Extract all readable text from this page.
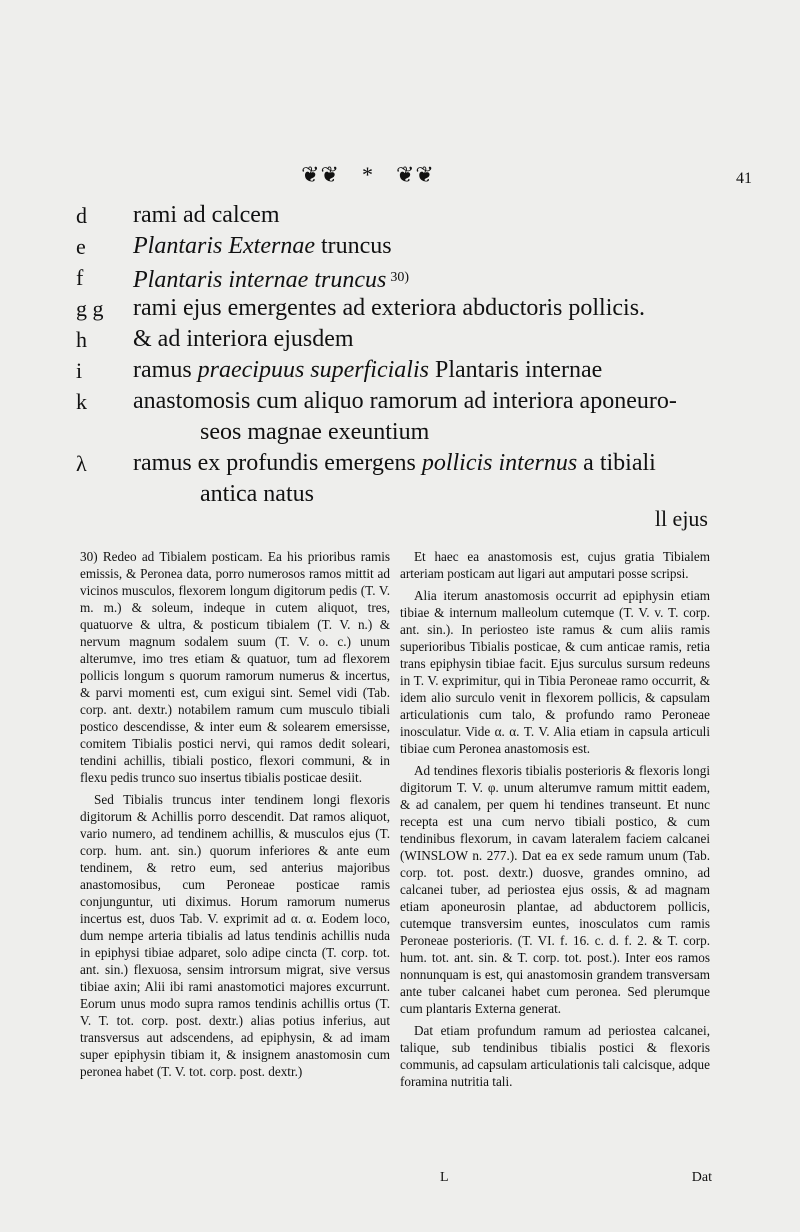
❦❦ * ❦❦	41
d	rami ad calcem
e	Plantaris Externae truncus
f	Plantaris internae truncus $^{30)}$
g g	rami ejus emergentes ad exteriora abductoris pollicis.
h	& ad interiora ejusdem
i	ramus praecipuus superficialis Plantaris internae
k	anastomosis cum aliquo ramorum ad interiora aponeuro-
seos magnae exeuntium
λ	ramus ex profundis emergens pollicis internus a tibiali
antica natus
ll ejus

30) Redeo ad Tibialem posticam. Ea his prioribus ramis emissis, & Peronea data, porro numerosos ramos mittit ad vicinos musculos, flexorem longum digitorum pedis (T. V. m. m.) & soleum, indeque in cutem aliquot, tres, quatuorve & ultra, & posticum tibialem (T. V. n.) & nervum magnum sodalem suum (T. V. o. c.) unum alterumve, imo tres etiam & quatuor, tum ad flexorem pollicis longum s quorum ramorum numerus & incertus, & parvi momenti est, cum exigui sint. Semel vidi (Tab. corp. ant. dextr.) notabilem ramum cum musculo tibiali postico descendisse, & inter eum & solearem emersisse, comitem Tibialis postici nervi, qui ramos dedit soleari, tendini achillis, tibiali postico, flexori communi, & in flexu pedis trunco suo insertus tibialis posticae desiit.

Sed Tibialis truncus inter tendinem longi flexoris digitorum & Achillis porro descendit. Dat ramos aliquot, vario numero, ad tendinem achillis, & musculos ejus (T. corp. hum. ant. sin.) quorum inferiores & ante eum tendinem, & retro eum, sed anterius majoribus anastomosibus, cum Peroneae posticae ramis conjunguntur, uti diximus. Horum ramorum numerus incertus est, duos Tab. V. exprimit ad α. α. Eodem loco, dum nempe arteria tibialis ad latus tendinis achillis nuda in epiphysi tibiae adparet, solo adipe cincta (T. corp. tot. ant. sin.) flexuosa, sensim introrsum migrat, sive versus tibiae axin; Alii ibi rami anastomotici majores excurrunt. Eorum unus modo supra ramos tendinis achillis ortus (T. V. T. tot. corp. post. dextr.) alias potius inferius, aut transversus aut adscendens, ad epiphysin, & ad imam super epiphysin tibiam it, & insignem anastomosin cum peronea habet (T. V. tot. corp. post. dextr.)

Et haec ea anastomosis est, cujus gratia Tibialem arteriam posticam aut ligari aut amputari posse scripsi.

Alia iterum anastomosis occurrit ad epiphysin etiam tibiae & internum malleolum cutemque (T. V. v. T. corp. ant. sin.). In periosteo iste ramus & cum aliis ramis superioribus Tibialis posticae, & cum anticae ramis, retia trans epiphysin tibiae facit. Ejus surculus sursum redeuns in T. V. exprimitur, qui in Tibia Peroneae ramo occurrit, & idem alio surculo venit in flexorem pollicis, & capsulam articulationis cum talo, & profundo ramo Peroneae inosculatur. Vide α. α. T. V. Alia etiam in capsula articuli tibiae cum Peronea anastomosis est.

Ad tendines flexoris tibialis posterioris & flexoris longi digitorum T. V. φ. unum alterumve ramum mittit eadem, & ad canalem, per quem hi tendines transeunt. Et nunc recepta est una cum nervo tibiali postico, & cum tendinibus flexorum, in cavam lateralem faciem calcanei (WINSLOW n. 277.). Dat ea ex sede ramum unum (Tab. corp. tot. post. dextr.) duosve, grandes omnino, ad calcanei tuber, ad periostea ejus ossis, & ad magnam etiam aponeurosin plantae, ad abductorem pollicis, cutemque transversim euntes, inosculatos cum ramis Peroneae posterioris. (T. VI. f. 16. c. d. f. 2. & T. corp. hum. tot. ant. sin. & T. corp. tot. post.). Inter eos ramos nonnunquam is est, qui anastomosin grandem transversam ante tuber calcanei habet cum peronea. Sed plerumque cum plantaris Externa generat.

Dat etiam profundum ramum ad periostea calcanei, talique, sub tendinibus tibialis postici & flexoris communis, ad capsulam articulationis tali calcisque, adque foramina nutritia tali.

L	Dat
